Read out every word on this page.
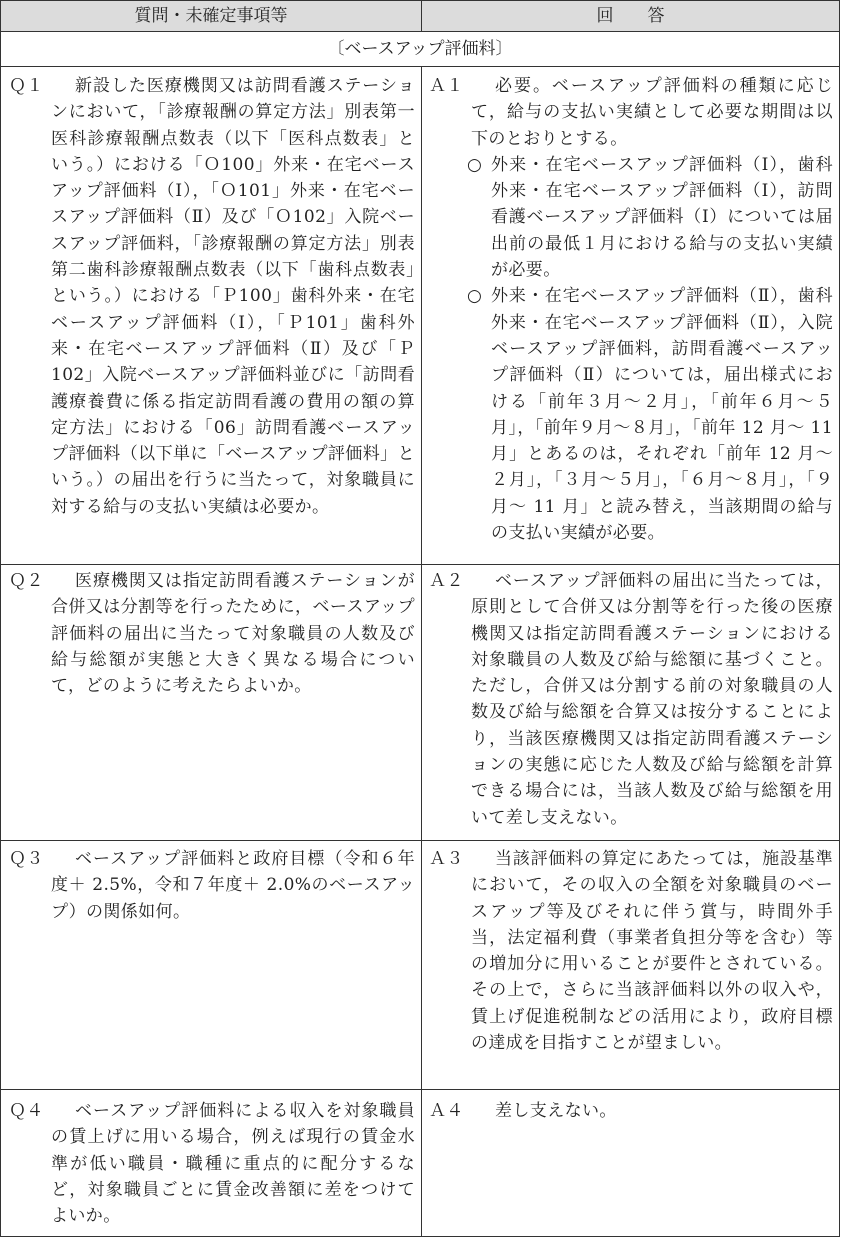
質問・未確定事項等	回　　答
〔ベースアップ評価料〕
Ｑ１	新設した医療機関又は訪問看護ステーションにおいて，「診療報酬の算定方法」別表第一医科診療報酬点数表（以下「医科点数表」という。）における「Ｏ100」外来・在宅ベースアップ評価料（Ⅰ），「Ｏ101」外来・在宅ベースアップ評価料（Ⅱ）及び「Ｏ102」入院ベースアップ評価料，「診療報酬の算定方法」別表第二歯科診療報酬点数表（以下「歯科点数表」という。）における「Ｐ100」歯科外来・在宅ベースアップ評価料（Ⅰ），「Ｐ101」歯科外来・在宅ベースアップ評価料（Ⅱ）及び「Ｐ102」入院ベースアップ評価料並びに「訪問看護療養費に係る指定訪問看護の費用の額の算定方法」における「06」訪問看護ベースアップ評価料（以下単に「ベースアップ評価料」という。）の届出を行うに当たって，対象職員に対する給与の支払い実績は必要か。
Ａ１	必要。ベースアップ評価料の種類に応じて，給与の支払い実績として必要な期間は以下のとおりとする。
○ 外来・在宅ベースアップ評価料（Ⅰ），歯科外来・在宅ベースアップ評価料（Ⅰ），訪問看護ベースアップ評価料（Ⅰ）については届出前の最低１月における給与の支払い実績が必要。
○ 外来・在宅ベースアップ評価料（Ⅱ），歯科外来・在宅ベースアップ評価料（Ⅱ），入院ベースアップ評価料，訪問看護ベースアップ評価料（Ⅱ）については，届出様式における「前年３月～２月」，「前年６月～５月」，「前年９月～８月」，「前年 12 月～ 11 月」とあるのは，それぞれ「前年 12 月～２月」，「３月～５月」，「６月～８月」，「９月～ 11 月」と読み替え，当該期間の給与の支払い実績が必要。
Ｑ２	医療機関又は指定訪問看護ステーションが合併又は分割等を行ったために，ベースアップ評価料の届出に当たって対象職員の人数及び給与総額が実態と大きく異なる場合について，どのように考えたらよいか。
Ａ２	ベースアップ評価料の届出に当たっては，原則として合併又は分割等を行った後の医療機関又は指定訪問看護ステーションにおける対象職員の人数及び給与総額に基づくこと。ただし，合併又は分割する前の対象職員の人数及び給与総額を合算又は按分することにより，当該医療機関又は指定訪問看護ステーションの実態に応じた人数及び給与総額を計算できる場合には，当該人数及び給与総額を用いて差し支えない。
Ｑ３	ベースアップ評価料と政府目標（令和６年度＋ 2.5%，令和７年度＋ 2.0%のベースアップ）の関係如何。
Ａ３	当該評価料の算定にあたっては，施設基準において，その収入の全額を対象職員のベースアップ等及びそれに伴う賞与，時間外手当，法定福利費（事業者負担分等を含む）等の増加分に用いることが要件とされている。その上で，さらに当該評価料以外の収入や，賃上げ促進税制などの活用により，政府目標の達成を目指すことが望ましい。
Ｑ４	ベースアップ評価料による収入を対象職員の賃上げに用いる場合，例えば現行の賃金水準が低い職員・職種に重点的に配分するなど，対象職員ごとに賃金改善額に差をつけてよいか。
Ａ４	差し支えない。
